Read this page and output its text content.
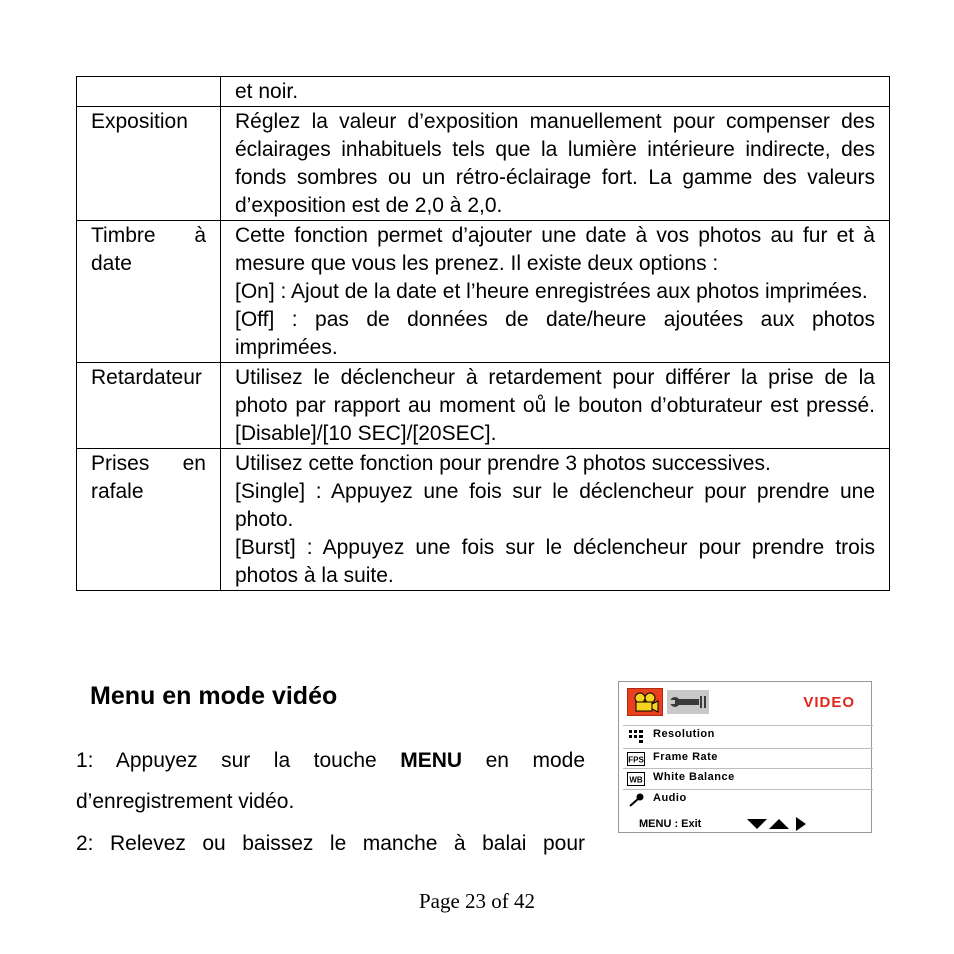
	et noir.

Exposition	Réglez la valeur d’exposition manuellement pour compenser des éclairages inhabituels tels que la lumière intérieure indirecte, des fonds sombres ou un rétro-éclairage fort. La gamme des valeurs d’exposition est de 2,0 à 2,0.

Timbre à date	Cette fonction permet d’ajouter une date à vos photos au fur et à mesure que vous les prenez. Il existe deux options :
[On] : Ajout de la date et l’heure enregistrées aux photos imprimées.
[Off] : pas de données de date/heure ajoutées aux photos imprimées.

Retardateur	Utilisez le déclencheur à retardement pour différer la prise de la photo par rapport au moment oů le bouton d’obturateur est pressé. [Disable]/[10 SEC]/[20SEC].

Prises en rafale	Utilisez cette fonction pour prendre 3 photos successives.
[Single] : Appuyez une fois sur le déclencheur pour prendre une photo.
[Burst] : Appuyez une fois sur le déclencheur pour prendre trois photos à la suite.
Menu en mode vidéo
1: Appuyez sur la touche MENU en mode
d’enregistrement vidéo.
2: Relevez ou baissez le manche à balai pour
VIDEO
Resolution
FPS Frame Rate
WB White Balance
Audio
MENU : Exit
Page 23 of 42
